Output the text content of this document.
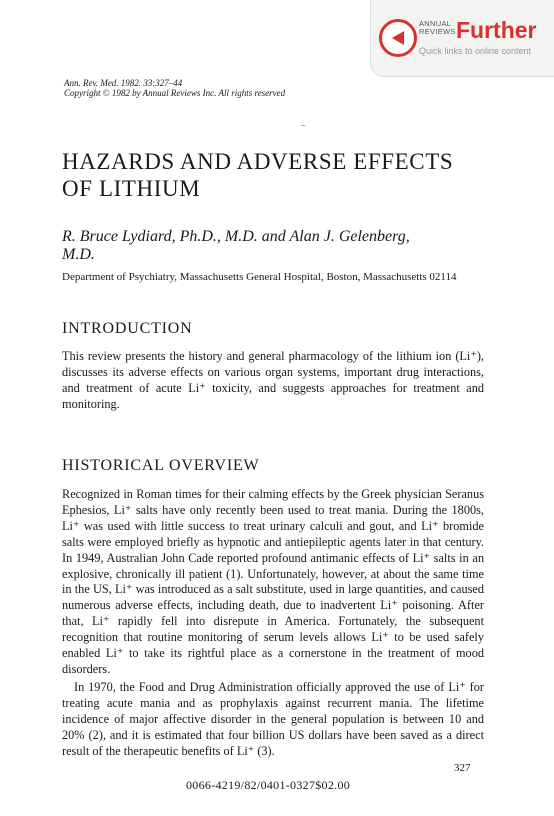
ANNUAL
REVIEWS Further
Quick links to online content
Ann. Rev. Med. 1982. 33:327–44
Copyright © 1982 by Annual Reviews Inc. All rights reserved
HAZARDS AND ADVERSE EFFECTS OF LITHIUM
R. Bruce Lydiard, Ph.D., M.D. and Alan J. Gelenberg, M.D.
Department of Psychiatry, Massachusetts General Hospital, Boston, Massachusetts 02114
INTRODUCTION

This review presents the history and general pharmacology of the lithium ion (Li⁺), discusses its adverse effects on various organ systems, important drug interactions, and treatment of acute Li⁺ toxicity, and suggests approaches for treatment and monitoring.

HISTORICAL OVERVIEW

Recognized in Roman times for their calming effects by the Greek physician Seranus Ephesios, Li⁺ salts have only recently been used to treat mania. During the 1800s, Li⁺ was used with little success to treat urinary calculi and gout, and Li⁺ bromide salts were employed briefly as hypnotic and antiepileptic agents later in that century. In 1949, Australian John Cade reported profound antimanic effects of Li⁺ salts in an explosive, chronically ill patient (1). Unfortunately, however, at about the same time in the US, Li⁺ was introduced as a salt substitute, used in large quantities, and caused numerous adverse effects, including death, due to inadvertent Li⁺ poisoning. After that, Li⁺ rapidly fell into disrepute in America. Fortunately, the subsequent recognition that routine monitoring of serum levels allows Li⁺ to be used safely enabled Li⁺ to take its rightful place as a cornerstone in the treatment of mood disorders.

In 1970, the Food and Drug Administration officially approved the use of Li⁺ for treating acute mania and as prophylaxis against recurrent mania. The lifetime incidence of major affective disorder in the general population is between 10 and 20% (2), and it is estimated that four billion US dollars have been saved as a direct result of the therapeutic benefits of Li⁺ (3).

327
0066-4219/82/0401-0327$02.00
